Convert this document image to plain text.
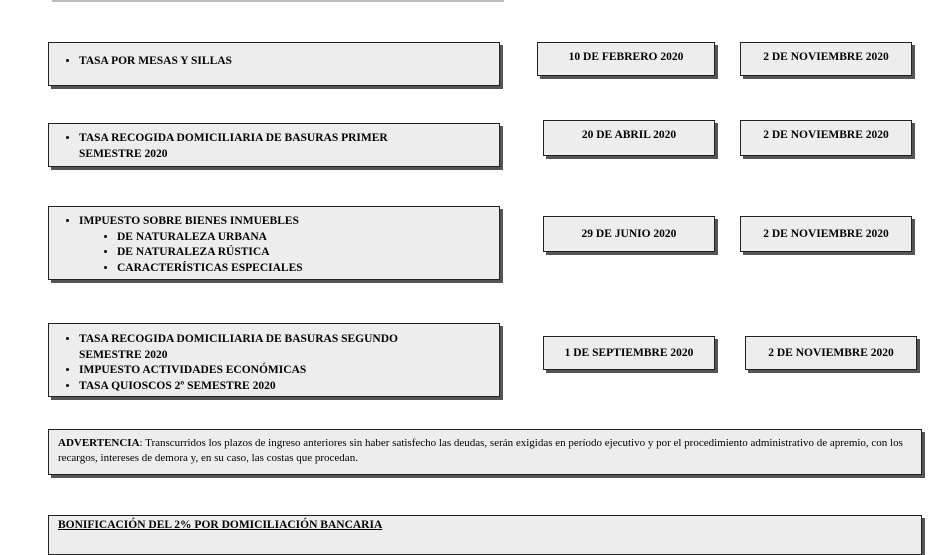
• TASA POR MESAS Y SILLAS	10 DE FEBRERO 2020	2 DE NOVIEMBRE 2020
• TASA RECOGIDA DOMICILIARIA DE BASURAS PRIMER SEMESTRE 2020
20 DE ABRIL 2020	2 DE NOVIEMBRE 2020
• IMPUESTO SOBRE BIENES INMUEBLES
• DE NATURALEZA URBANA
• DE NATURALEZA RÚSTICA
• CARACTERÍSTICAS ESPECIALES
29 DE JUNIO 2020	2 DE NOVIEMBRE 2020
• TASA RECOGIDA DOMICILIARIA DE BASURAS SEGUNDO SEMESTRE 2020
• IMPUESTO ACTIVIDADES ECONÓMICAS
• TASA QUIOSCOS 2º SEMESTRE 2020
1 DE SEPTIEMBRE 2020	2 DE NOVIEMBRE 2020
ADVERTENCIA: Transcurridos los plazos de ingreso anteriores sin haber satisfecho las deudas, serán exigidas en período ejecutivo y por el procedimiento administrativo de apremio, con los recargos, intereses de demora y, en su caso, las costas que procedan.
BONIFICACIÓN DEL 2% POR DOMICILIACIÓN BANCARIA
